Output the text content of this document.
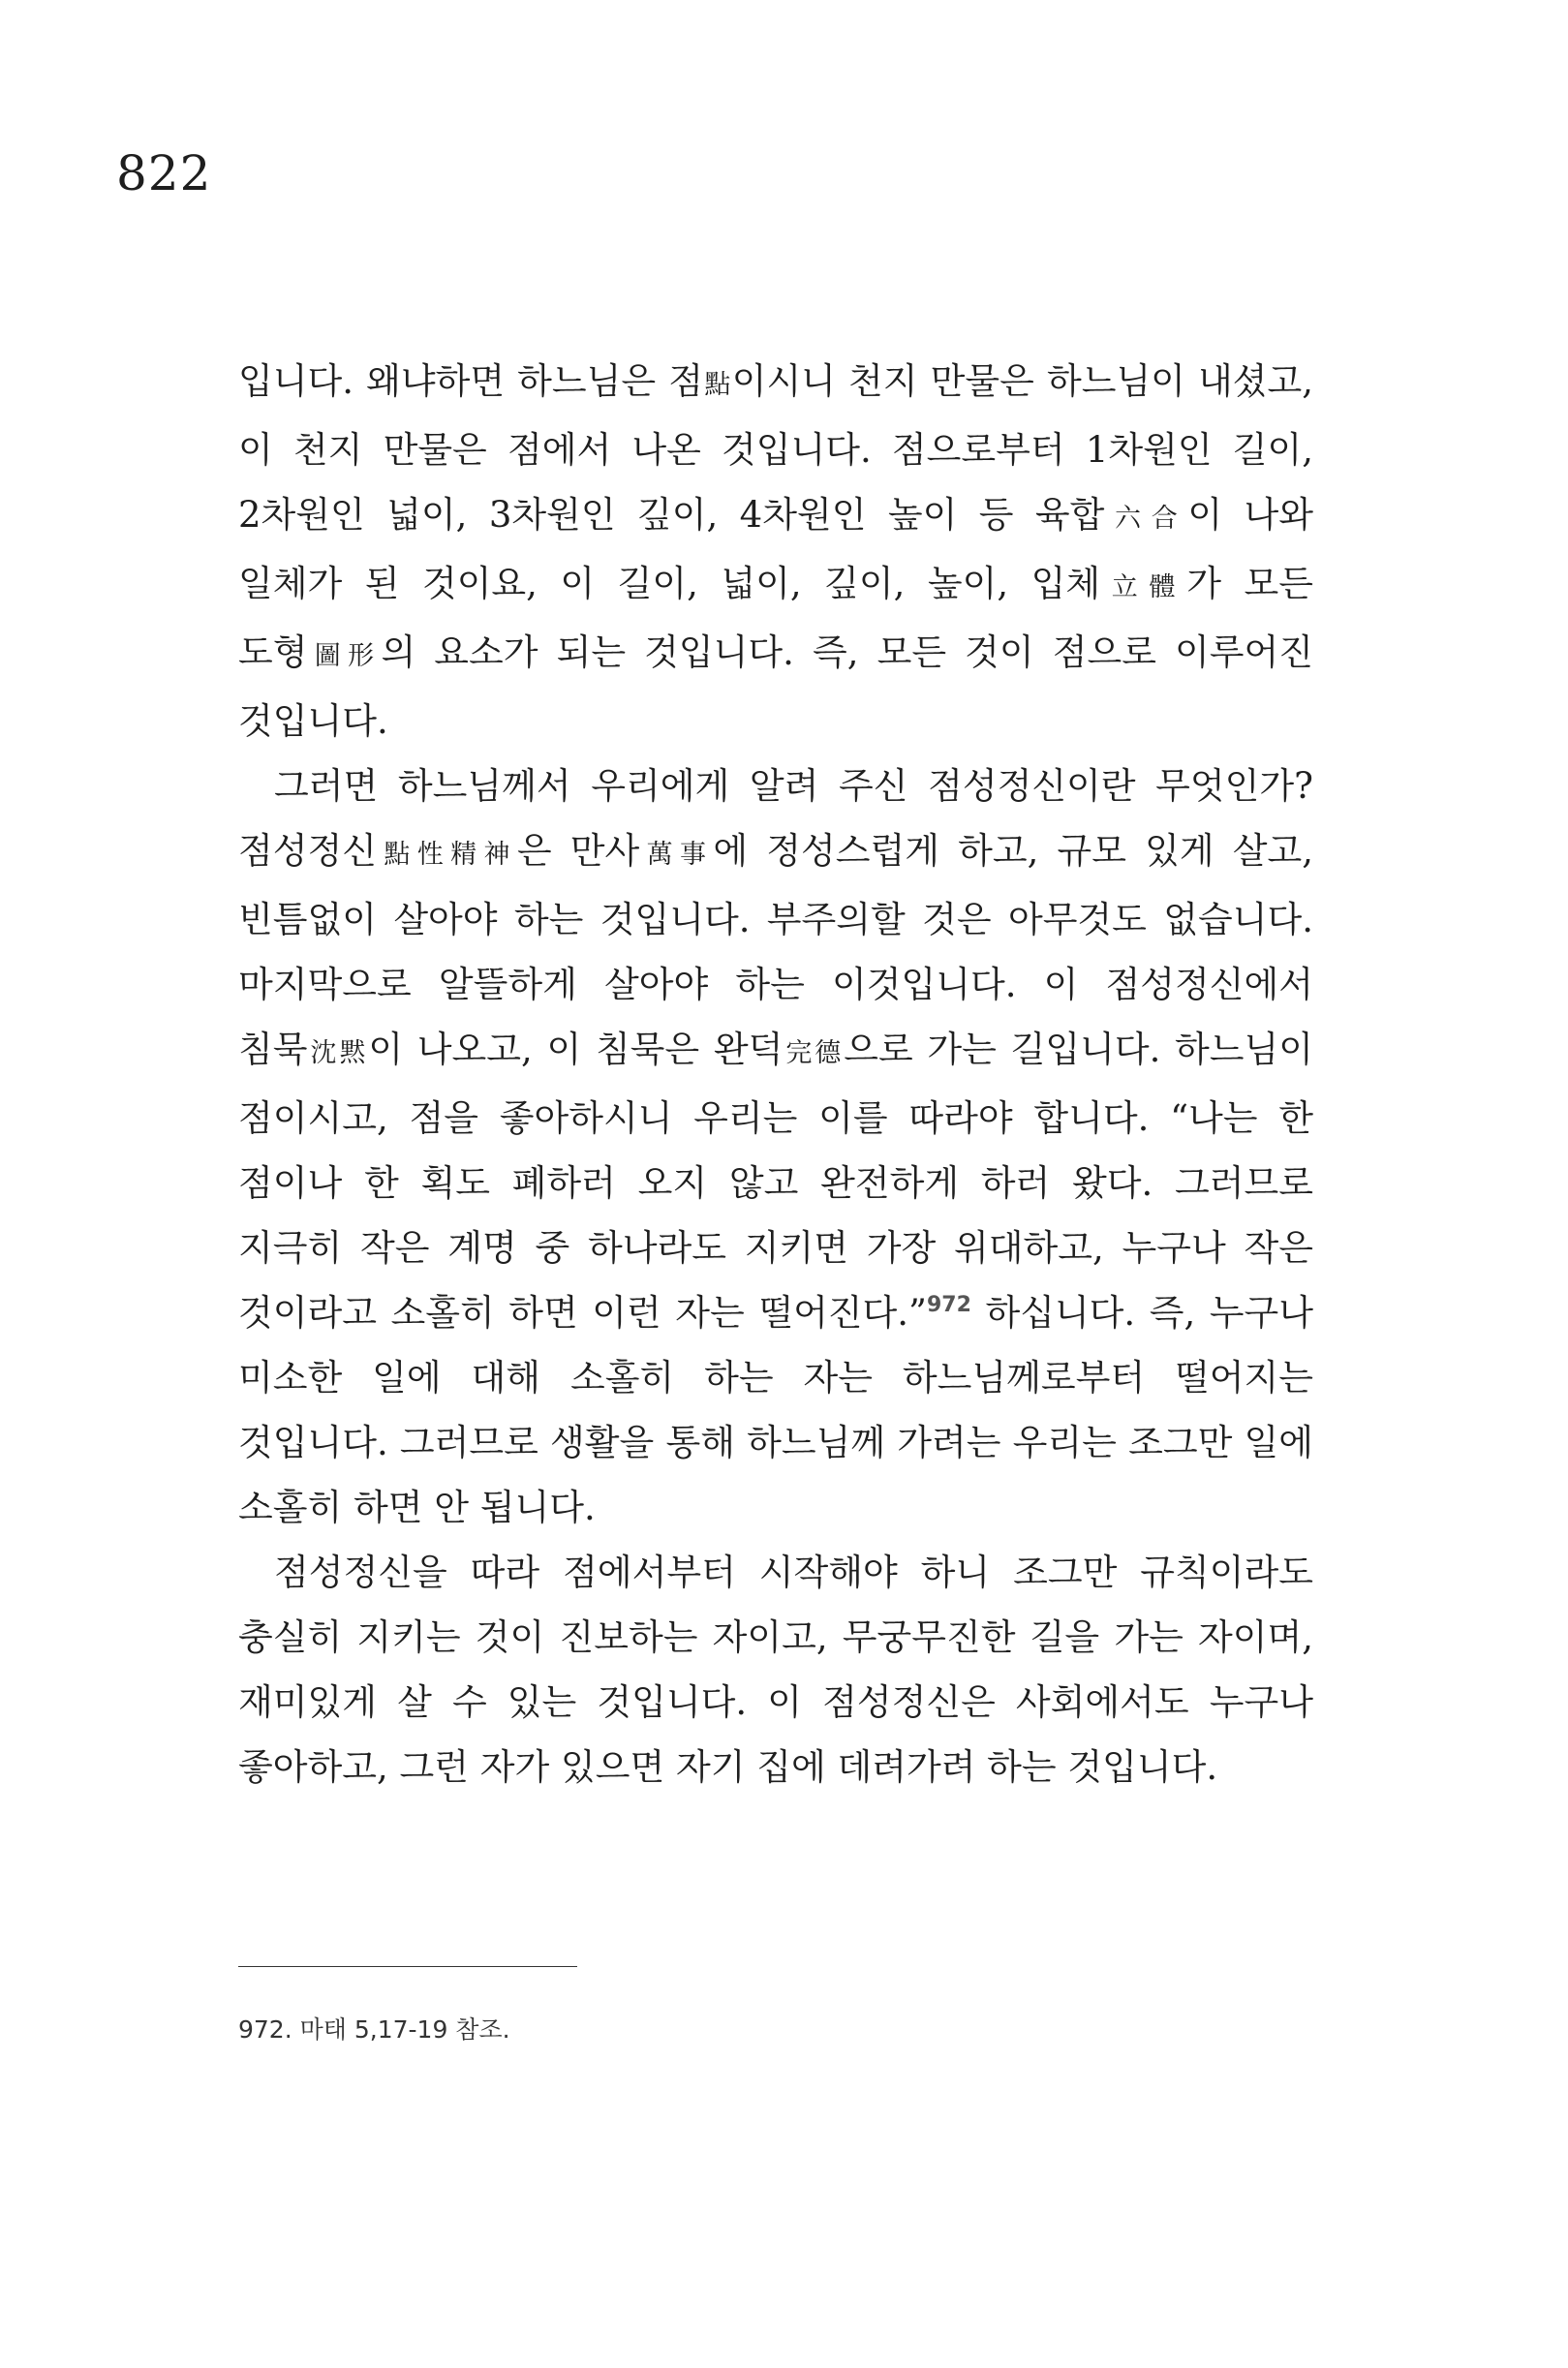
822

입니다. 왜냐하면 하느님은 점點이시니 천지 만물은 하느님이 내셨고, 이 천지 만물은 점에서 나온 것입니다. 점으로부터 1차원인 길이, 2차원인 넓이, 3차원인 깊이, 4차원인 높이 등 육합六合이 나와 일체가 된 것이요, 이 길이, 넓이, 깊이, 높이, 입체立體가 모든 도형圖形의 요소가 되는 것입니다. 즉, 모든 것이 점으로 이루어진 것입니다.

그러면 하느님께서 우리에게 알려 주신 점성정신이란 무엇인가? 점성정신點性精神은 만사萬事에 정성스럽게 하고, 규모 있게 살고, 빈틈없이 살아야 하는 것입니다. 부주의할 것은 아무것도 없습니다. 마지막으로 알뜰하게 살아야 하는 이것입니다. 이 점성정신에서 침묵沈黙이 나오고, 이 침묵은 완덕完德으로 가는 길입니다. 하느님이 점이시고, 점을 좋아하시니 우리는 이를 따라야 합니다. “나는 한 점이나 한 획도 폐하러 오지 않고 완전하게 하러 왔다. 그러므로 지극히 작은 계명 중 하나라도 지키면 가장 위대하고, 누구나 작은 것이라고 소홀히 하면 이런 자는 떨어진다.”$^{972}$ 하십니다. 즉, 누구나 미소한 일에 대해 소홀히 하는 자는 하느님께로부터 떨어지는 것입니다. 그러므로 생활을 통해 하느님께 가려는 우리는 조그만 일에 소홀히 하면 안 됩니다.

점성정신을 따라 점에서부터 시작해야 하니 조그만 규칙이라도 충실히 지키는 것이 진보하는 자이고, 무궁무진한 길을 가는 자이며, 재미있게 살 수 있는 것입니다. 이 점성정신은 사회에서도 누구나 좋아하고, 그런 자가 있으면 자기 집에 데려가려 하는 것입니다.

972. 마태 5,17-19 참조.
